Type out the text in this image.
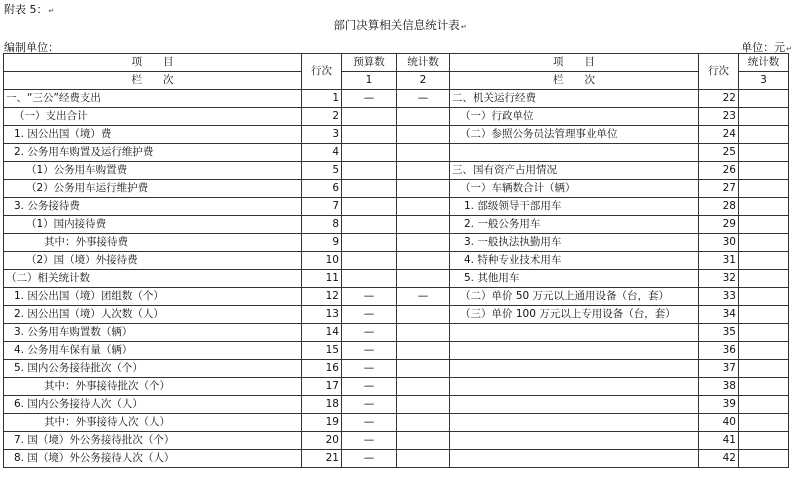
附表 5：↵
部门决算相关信息统计表↵
编制单位：	单位：元↵
项　　目	行次	预算数	统计数	项　　目	行次	统计数
栏　　次		1	2	栏　　次		3
一、“三公”经费支出	1	—	—	二、机关运行经费	22	
（一）支出合计	2			（一）行政单位	23	
1. 因公出国（境）费	3			（二）参照公务员法管理事业单位	24	
2. 公务用车购置及运行维护费	4				25	
（1）公务用车购置费	5			三、国有资产占用情况	26	
（2）公务用车运行维护费	6			（一）车辆数合计（辆）	27	
3. 公务接待费	7			1. 部级领导干部用车	28	
（1）国内接待费	8			2. 一般公务用车	29	
其中：外事接待费	9			3. 一般执法执勤用车	30	
（2）国（境）外接待费	10			4. 特种专业技术用车	31	
（二）相关统计数	11			5. 其他用车	32	
1. 因公出国（境）团组数（个）	12	—	—	（二）单价 50 万元以上通用设备（台，套）	33	
2. 因公出国（境）人次数（人）	13	—		（三）单价 100 万元以上专用设备（台，套）	34	
3. 公务用车购置数（辆）	14	—			35	
4. 公务用车保有量（辆）	15	—			36	
5. 国内公务接待批次（个）	16	—			37	
其中：外事接待批次（个）	17	—			38	
6. 国内公务接待人次（人）	18	—			39	
其中：外事接待人次（人）	19	—			40	
7. 国（境）外公务接待批次（个）	20	—			41	
8. 国（境）外公务接待人次（人）	21	—			42	
